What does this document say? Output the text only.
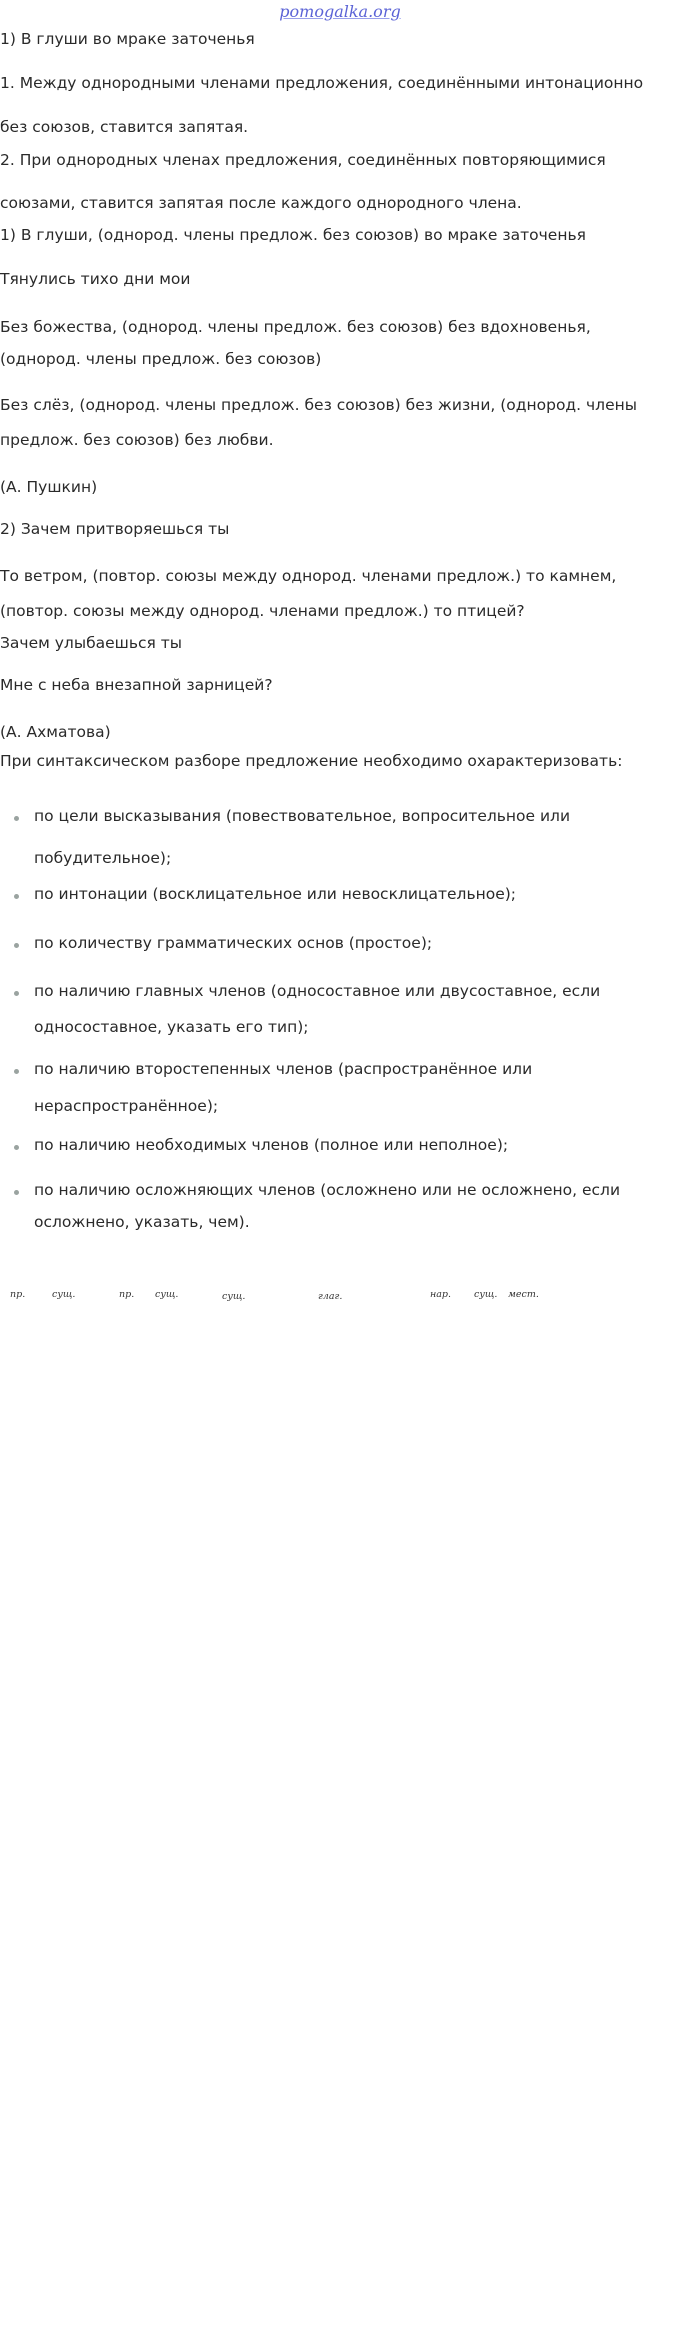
pomogalka.org
1) В глуши во мраке заточенья
1. Между однородными членами предложения, соединёнными интонационно
без союзов, ставится запятая.
2. При однородных членах предложения, соединённых повторяющимися
союзами, ставится запятая после каждого однородного члена.
1) В глуши, (однород. члены предлож. без союзов) во мраке заточенья
Тянулись тихо дни мои
Без божества, (однород. члены предлож. без союзов) без вдохновенья,
(однород. члены предлож. без союзов)
Без слёз, (однород. члены предлож. без союзов) без жизни, (однород. члены
предлож. без союзов) без любви.
(А. Пушкин)
2) Зачем притворяешься ты
То ветром, (повтор. союзы между однород. членами предлож.) то камнем,
(повтор. союзы между однород. членами предлож.) то птицей?
Зачем улыбаешься ты
Мне с неба внезапной зарницей?
(А. Ахматова)
При синтаксическом разборе предложение необходимо охарактеризовать:
по цели высказывания (повествовательное, вопросительное или
побудительное);
по интонации (восклицательное или невосклицательное);
по количеству грамматических основ (простое);
по наличию главных членов (односоставное или двусоставное, если
односоставное, указать его тип);
по наличию второстепенных членов (распространённое или
нераспространённое);
по наличию необходимых членов (полное или неполное);
по наличию осложняющих членов (осложнено или не осложнено, если
осложнено, указать, чем).
пр.	сущ.	пр. сущ.	сущ.	глаг.	нар. сущ. мест.
